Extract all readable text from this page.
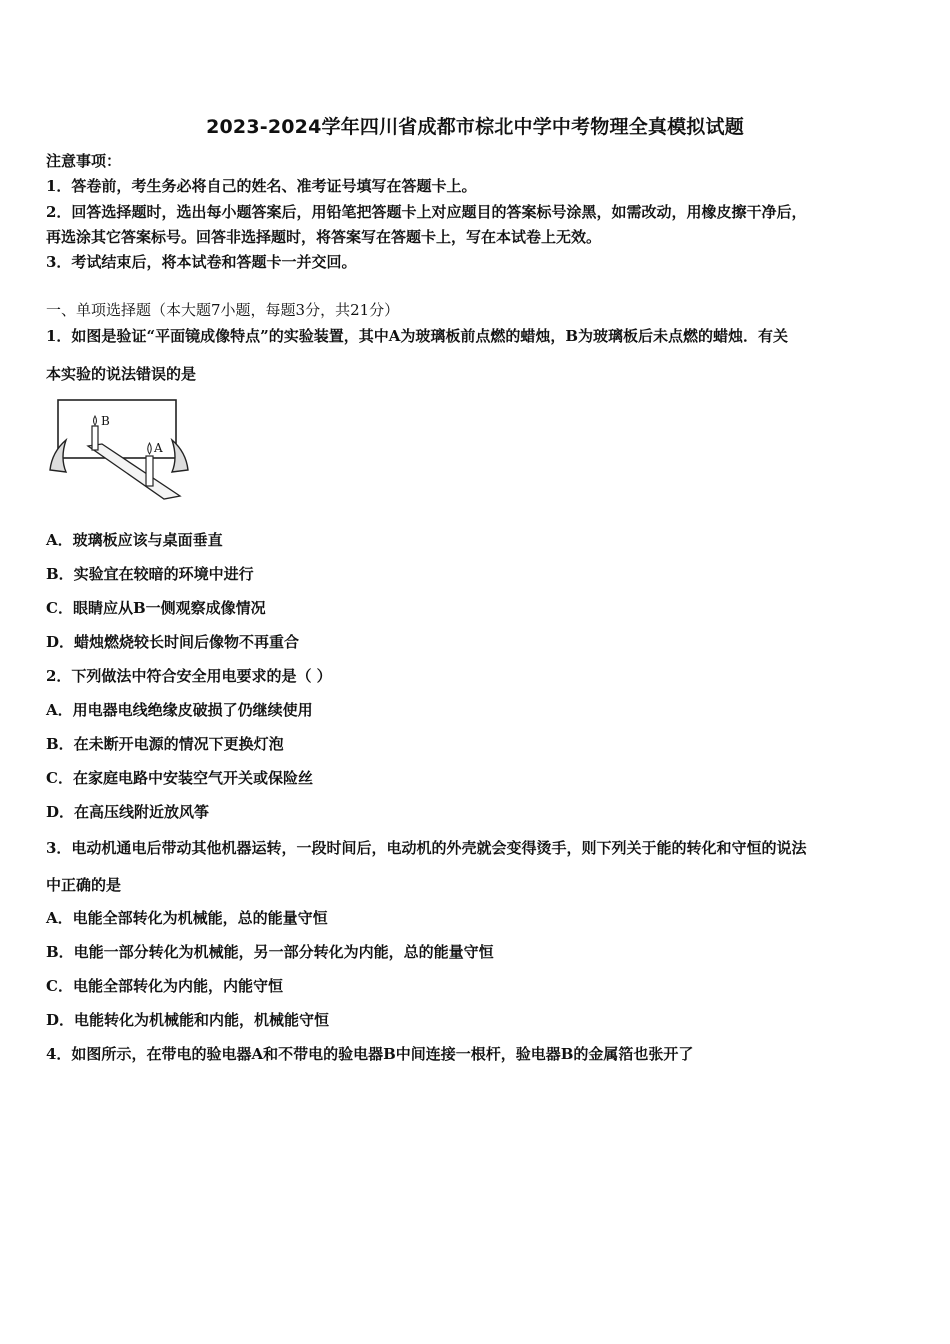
2023-2024学年四川省成都市棕北中学中考物理全真模拟试题
注意事项：
1．答卷前，考生务必将自己的姓名、准考证号填写在答题卡上。
2．回答选择题时，选出每小题答案后，用铅笔把答题卡上对应题目的答案标号涂黑，如需改动，用橡皮擦干净后，
再选涂其它答案标号。回答非选择题时，将答案写在答题卡上，写在本试卷上无效。
3．考试结束后，将本试卷和答题卡一并交回。
一、单项选择题（本大题7小题，每题3分，共21分）
1．如图是验证“平面镜成像特点”的实验装置，其中A为玻璃板前点燃的蜡烛，B为玻璃板后未点燃的蜡烛．有关
本实验的说法错误的是
B
A
A．玻璃板应该与桌面垂直
B．实验宜在较暗的环境中进行
C．眼睛应从B一侧观察成像情况
D．蜡烛燃烧较长时间后像物不再重合
2．下列做法中符合安全用电要求的是（ ）
A．用电器电线绝缘皮破损了仍继续使用
B．在未断开电源的情况下更换灯泡
C．在家庭电路中安装空气开关或保险丝
D．在高压线附近放风筝
3．电动机通电后带动其他机器运转，一段时间后，电动机的外壳就会变得烫手，则下列关于能的转化和守恒的说法
中正确的是
A．电能全部转化为机械能，总的能量守恒
B．电能一部分转化为机械能，另一部分转化为内能，总的能量守恒
C．电能全部转化为内能，内能守恒
D．电能转化为机械能和内能，机械能守恒
4．如图所示，在带电的验电器A和不带电的验电器B中间连接一根杆，验电器B的金属箔也张开了
